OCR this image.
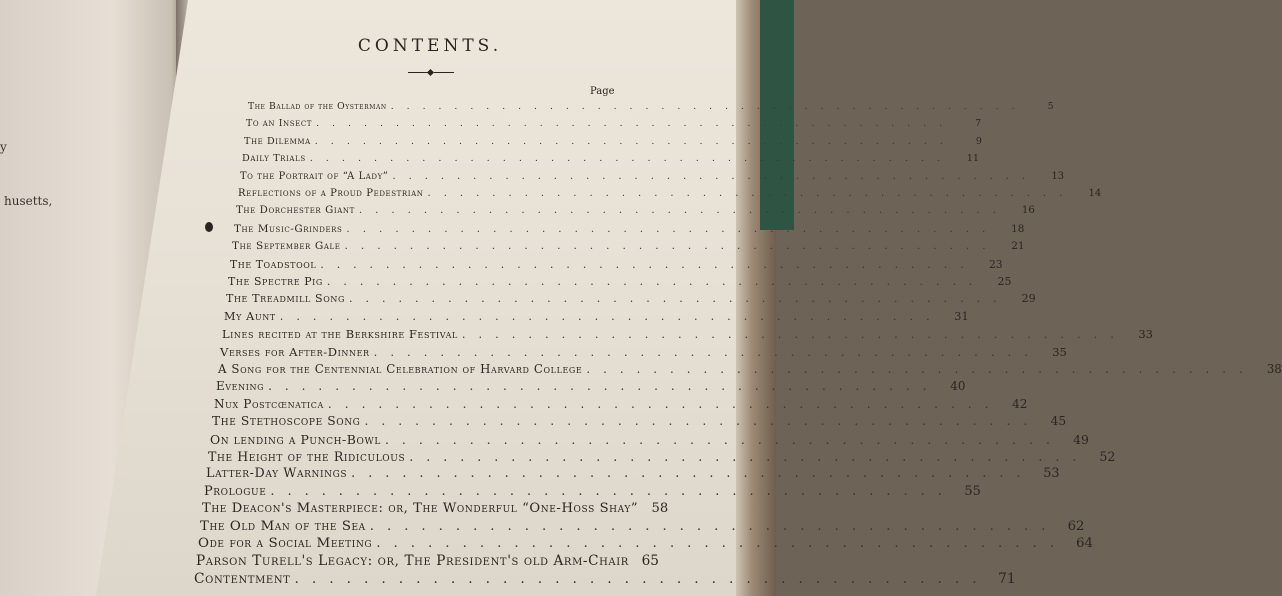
y
husetts,
CONTENTS.
Page
The Ballad of the Oysterman ........................................	5
To an Insect ........................................	7
The Dilemma ........................................	9
Daily Trials ........................................	11
To the Portrait of “A Lady” ........................................	13
Reflections of a Proud Pedestrian ........................................	14
The Dorchester Giant ........................................	16
The Music-Grinders ........................................	18
The September Gale ........................................	21
The Toadstool ........................................	23
The Spectre Pig ........................................	25
The Treadmill Song ........................................	29
My Aunt ........................................	31
Lines recited at the Berkshire Festival ........................................	33
Verses for After-Dinner ........................................ 35
A Song for the Centennial Celebration of Harvard College ........................................ 38
Evening ........................................ 40
Nux Postcœnatica ........................................ 42
The Stethoscope Song ........................................ 45
On lending a Punch-Bowl ........................................ 49
The Height of the Ridiculous ........................................ 52
Latter-Day Warnings ........................................ 53
Prologue ........................................ 55
The Deacon's Masterpiece: or, The Wonderful “One-Hoss Shay”	58
The Old Man of the Sea ........................................ 62
Ode for a Social Meeting ........................................ 64
Parson Turell's Legacy: or, The President's old Arm-Chair 65
Contentment ........................................ 71
